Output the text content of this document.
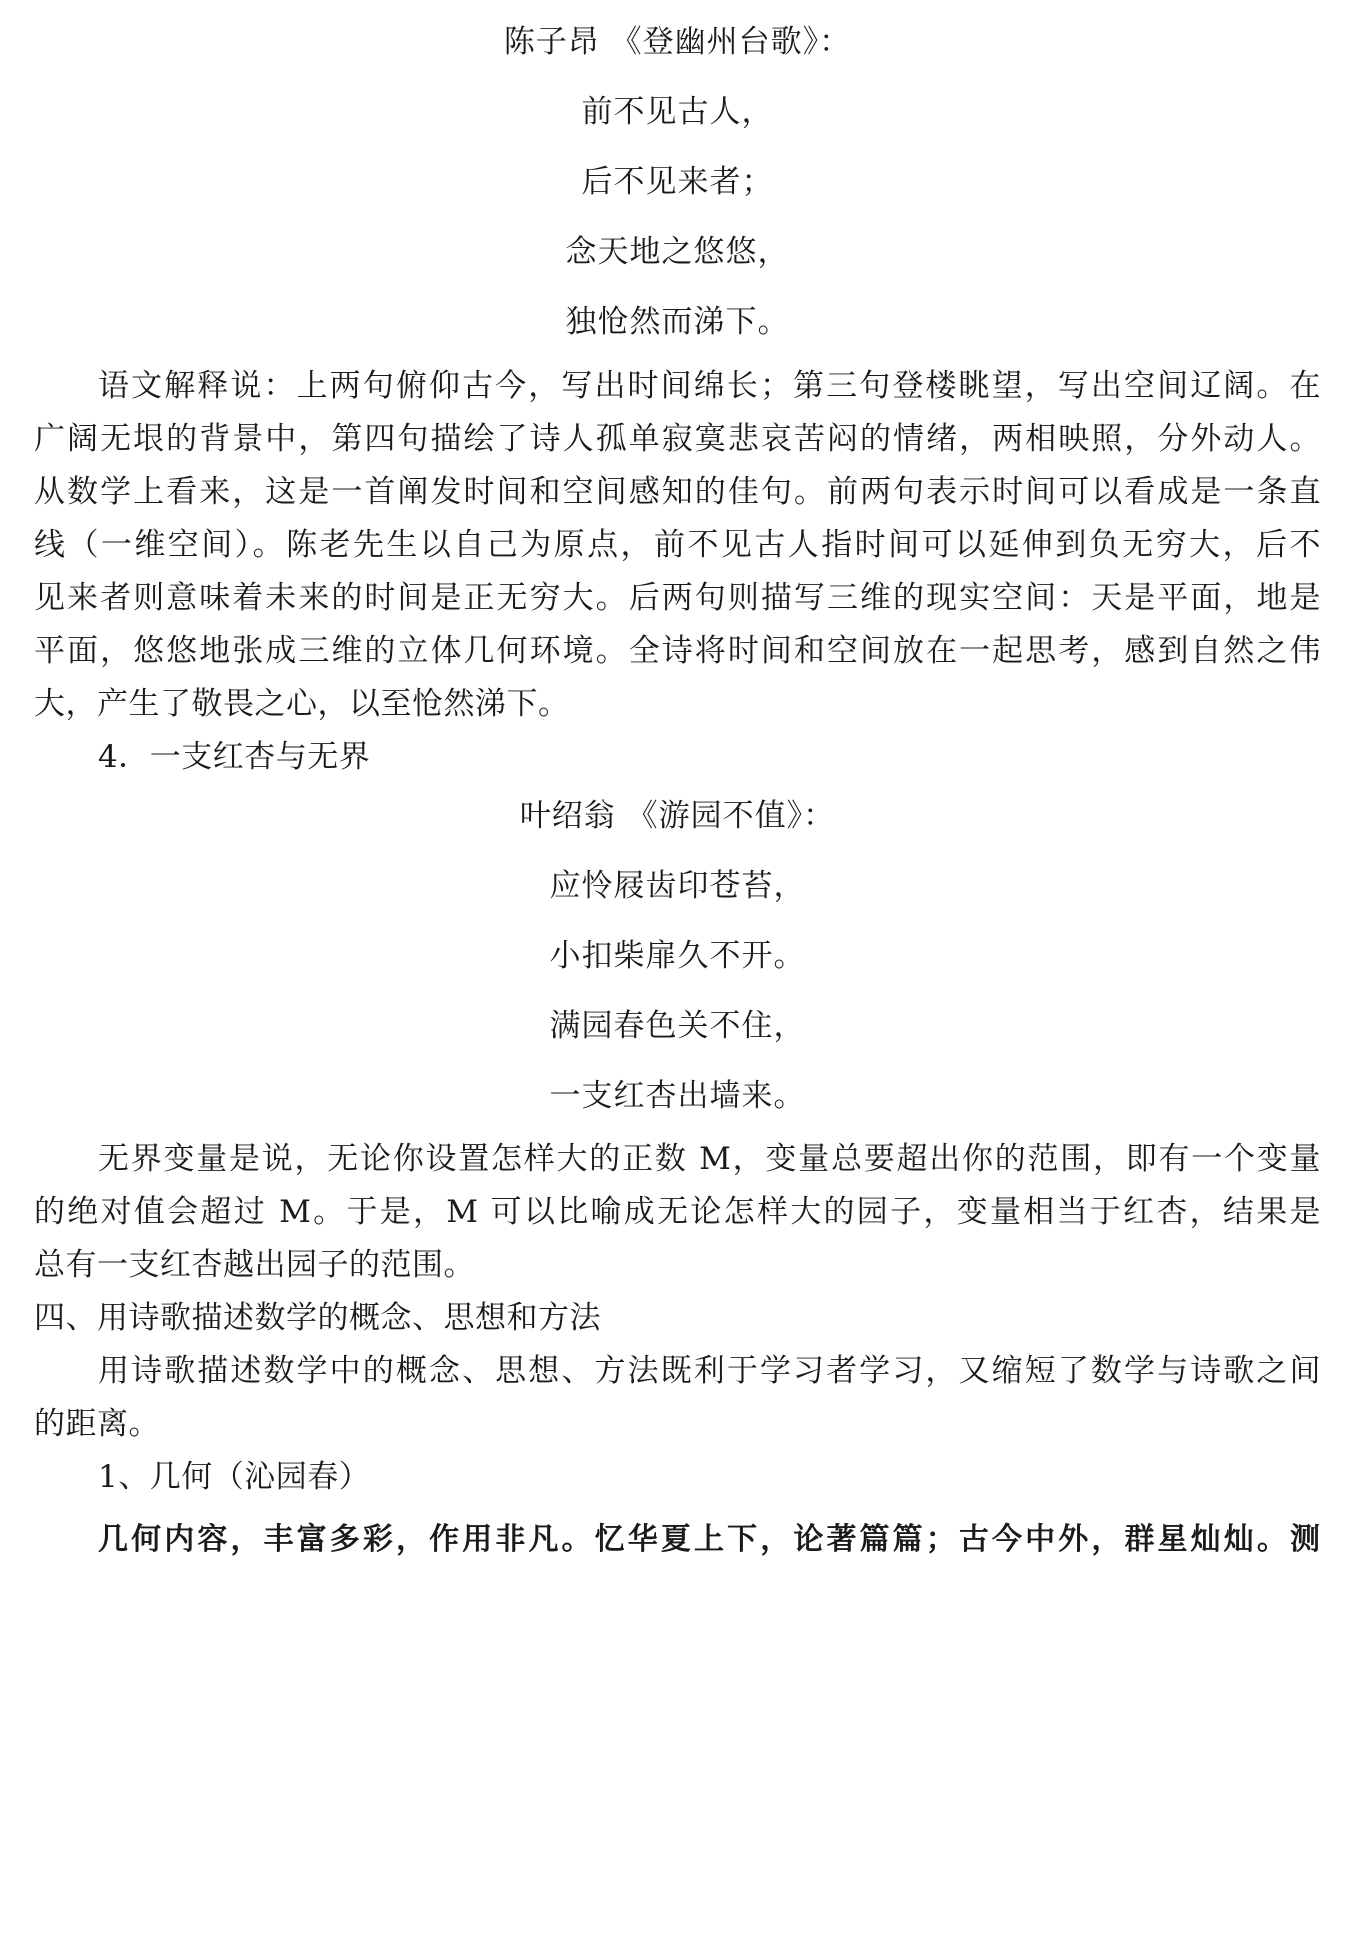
陈子昂 《登幽州台歌》：
前不见古人，
后不见来者；
念天地之悠悠，
独怆然而涕下。
语文解释说：上两句俯仰古今，写出时间绵长；第三句登楼眺望，写出空间辽阔。在
广阔无垠的背景中，第四句描绘了诗人孤单寂寞悲哀苦闷的情绪，两相映照，分外动人。
从数学上看来，这是一首阐发时间和空间感知的佳句。前两句表示时间可以看成是一条直
线（一维空间）。陈老先生以自己为原点，前不见古人指时间可以延伸到负无穷大，后不
见来者则意味着未来的时间是正无穷大。后两句则描写三维的现实空间：天是平面，地是
平面，悠悠地张成三维的立体几何环境。全诗将时间和空间放在一起思考，感到自然之伟
大，产生了敬畏之心，以至怆然涕下。
4．一支红杏与无界
叶绍翁 《游园不值》：
应怜屐齿印苍苔，
小扣柴扉久不开。
满园春色关不住，
一支红杏出墙来。
无界变量是说，无论你设置怎样大的正数 M，变量总要超出你的范围，即有一个变量
的绝对值会超过 M。于是，M 可以比喻成无论怎样大的园子，变量相当于红杏，结果是
总有一支红杏越出园子的范围。
四、用诗歌描述数学的概念、思想和方法
用诗歌描述数学中的概念、思想、方法既利于学习者学习，又缩短了数学与诗歌之间
的距离。
1、几何（沁园春）
几何内容，丰富多彩，作用非凡。忆华夏上下，论著篇篇；古今中外，群星灿灿。测
